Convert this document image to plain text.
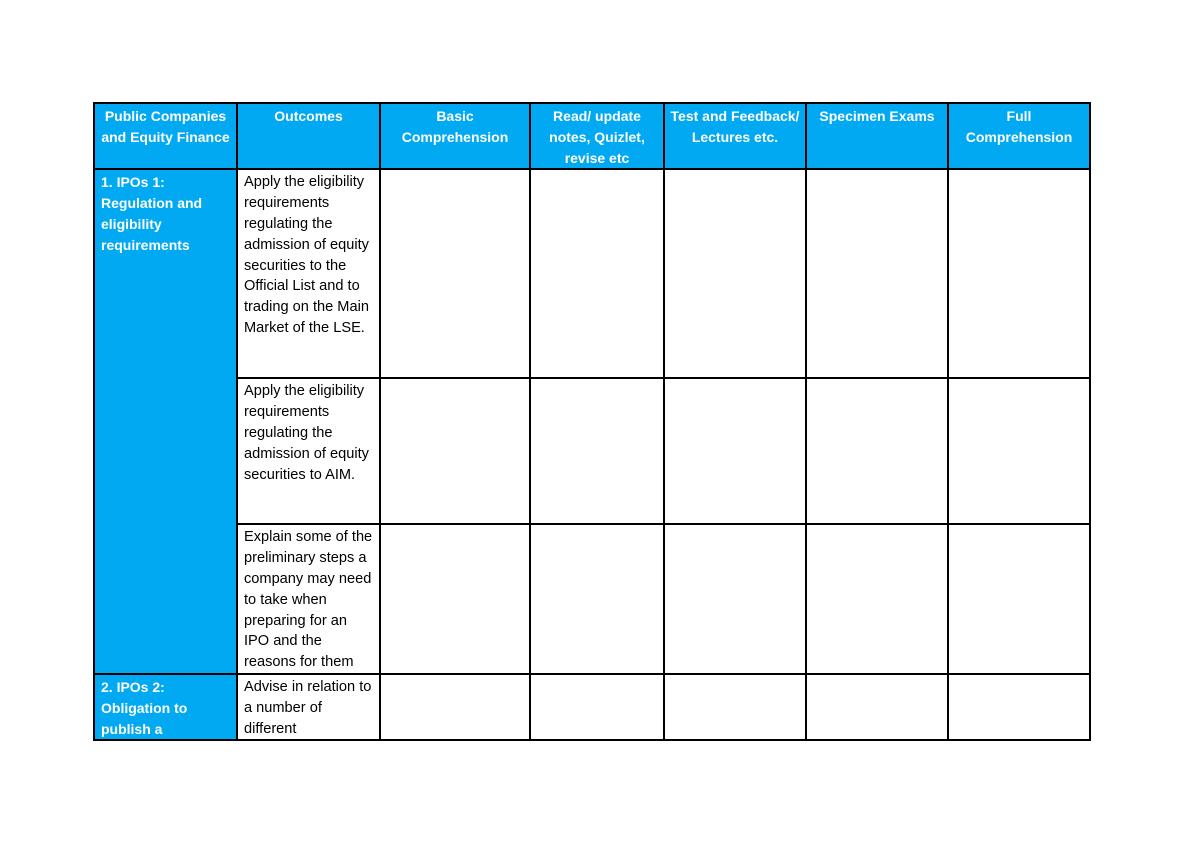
Public Companies and Equity Finance	Outcomes	Basic Comprehension	Read/ update notes, Quizlet, revise etc	Test and Feedback/ Lectures etc.	Specimen Exams	Full Comprehension

1. IPOs 1: Regulation and eligibility requirements	Apply the eligibility requirements regulating the admission of equity securities to the Official List and to trading on the Main Market of the LSE.					

	Apply the eligibility requirements regulating the admission of equity securities to AIM.					

	Explain some of the preliminary steps a company may need to take when preparing for an IPO and the reasons for them					

2. IPOs 2: Obligation to publish a	Advise in relation to a number of different					
